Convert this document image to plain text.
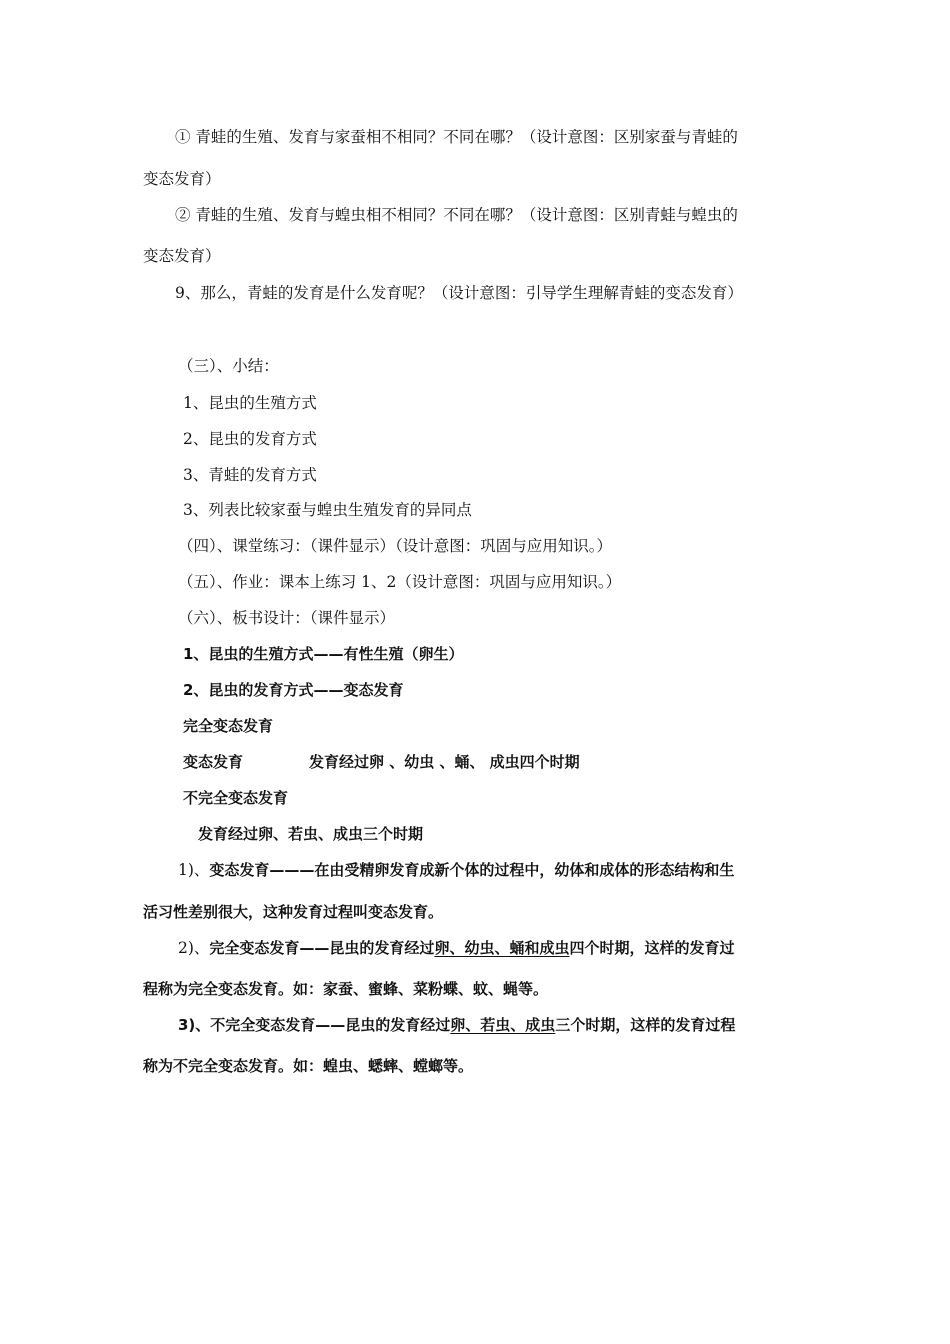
① 青蛙的生殖、发育与家蚕相不相同？不同在哪？（设计意图：区别家蚕与青蛙的
变态发育）
② 青蛙的生殖、发育与蝗虫相不相同？不同在哪？（设计意图：区别青蛙与蝗虫的
变态发育）
9、那么，青蛙的发育是什么发育呢？（设计意图：引导学生理解青蛙的变态发育）
（三）、小结：
1、昆虫的生殖方式
2、昆虫的发育方式
3、青蛙的发育方式
3、列表比较家蚕与蝗虫生殖发育的异同点
（四）、课堂练习：（课件显示）（设计意图：巩固与应用知识。）
（五）、作业：课本上练习 1、2（设计意图：巩固与应用知识。）
（六）、板书设计：（课件显示）
1、昆虫的生殖方式——有性生殖（卵生）
2、昆虫的发育方式——变态发育
完全变态发育
变态发育	发育经过卵 、幼虫 、蛹、 成虫四个时期
不完全变态发育
发育经过卵、若虫、成虫三个时期
1)、变态发育———在由受精卵发育成新个体的过程中，幼体和成体的形态结构和生
活习性差别很大，这种发育过程叫变态发育。
2)、完全变态发育——昆虫的发育经过卵、幼虫、蛹和成虫四个时期，这样的发育过
程称为完全变态发育。如：家蚕、蜜蜂、菜粉蝶、蚊、蝇等。
3)、不完全变态发育——昆虫的发育经过卵、若虫、成虫三个时期，这样的发育过程
称为不完全变态发育。如：蝗虫、蟋蟀、螳螂等。
